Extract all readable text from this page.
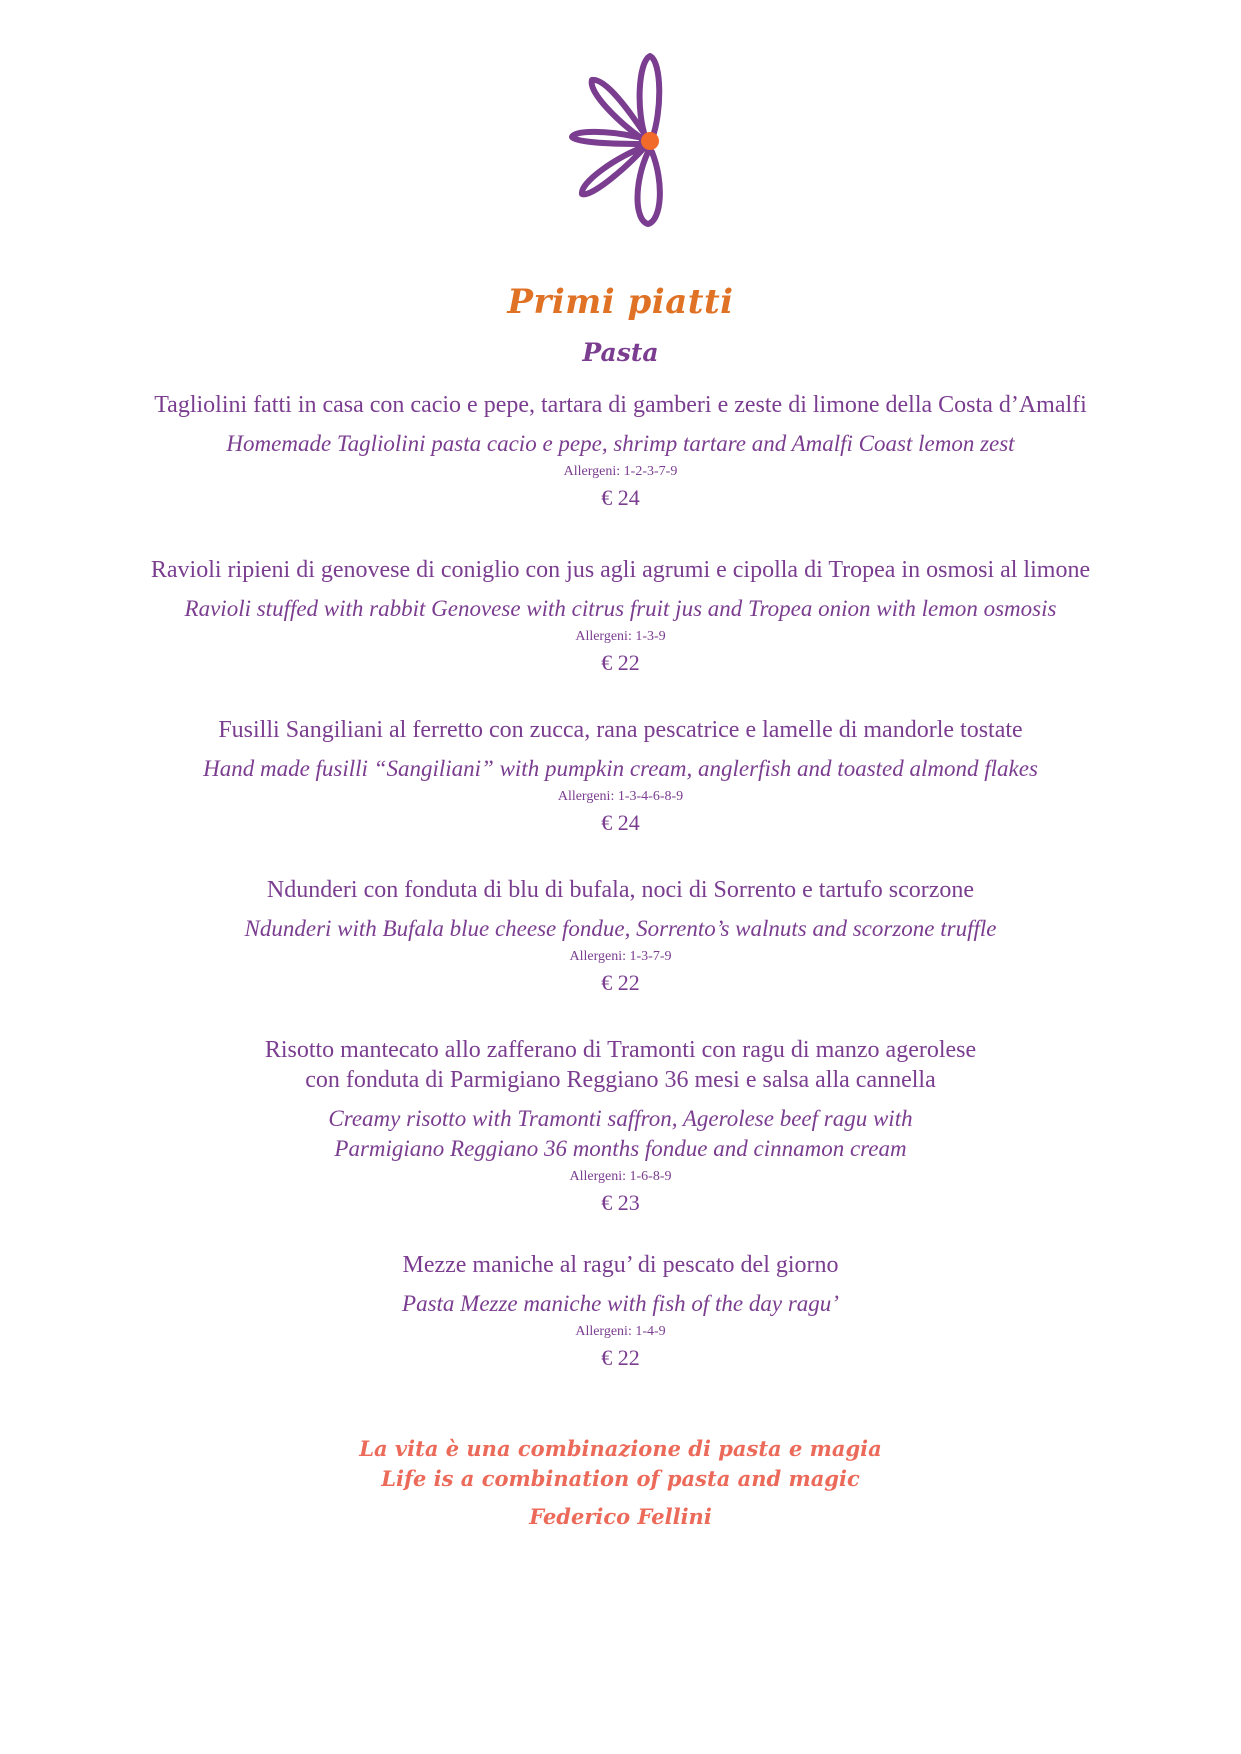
Primi piatti
Pasta
Tagliolini fatti in casa con cacio e pepe, tartara di gamberi e zeste di limone della Costa d’Amalfi
Homemade Tagliolini pasta cacio e pepe, shrimp tartare and Amalfi Coast lemon zest
Allergeni: 1-2-3-7-9
€ 24
Ravioli ripieni di genovese di coniglio con jus agli agrumi e cipolla di Tropea in osmosi al limone
Ravioli stuffed with rabbit Genovese with citrus fruit jus and Tropea onion with lemon osmosis
Allergeni: 1-3-9
€ 22
Fusilli Sangiliani al ferretto con zucca, rana pescatrice e lamelle di mandorle tostate
Hand made fusilli “Sangiliani” with pumpkin cream, anglerfish and toasted almond flakes
Allergeni: 1-3-4-6-8-9
€ 24
Ndunderi con fonduta di blu di bufala, noci di Sorrento e tartufo scorzone
Ndunderi with Bufala blue cheese fondue, Sorrento’s walnuts and scorzone truffle
Allergeni: 1-3-7-9
€ 22
Risotto mantecato allo zafferano di Tramonti con ragu di manzo agerolese
con fonduta di Parmigiano Reggiano 36 mesi e salsa alla cannella
Creamy risotto with Tramonti saffron, Agerolese beef ragu with
Parmigiano Reggiano 36 months fondue and cinnamon cream
Allergeni: 1-6-8-9
€ 23
Mezze maniche al ragu’ di pescato del giorno
Pasta Mezze maniche with fish of the day ragu’
Allergeni: 1-4-9
€ 22
La vita è una combinazione di pasta e magia
Life is a combination of pasta and magic
Federico Fellini
